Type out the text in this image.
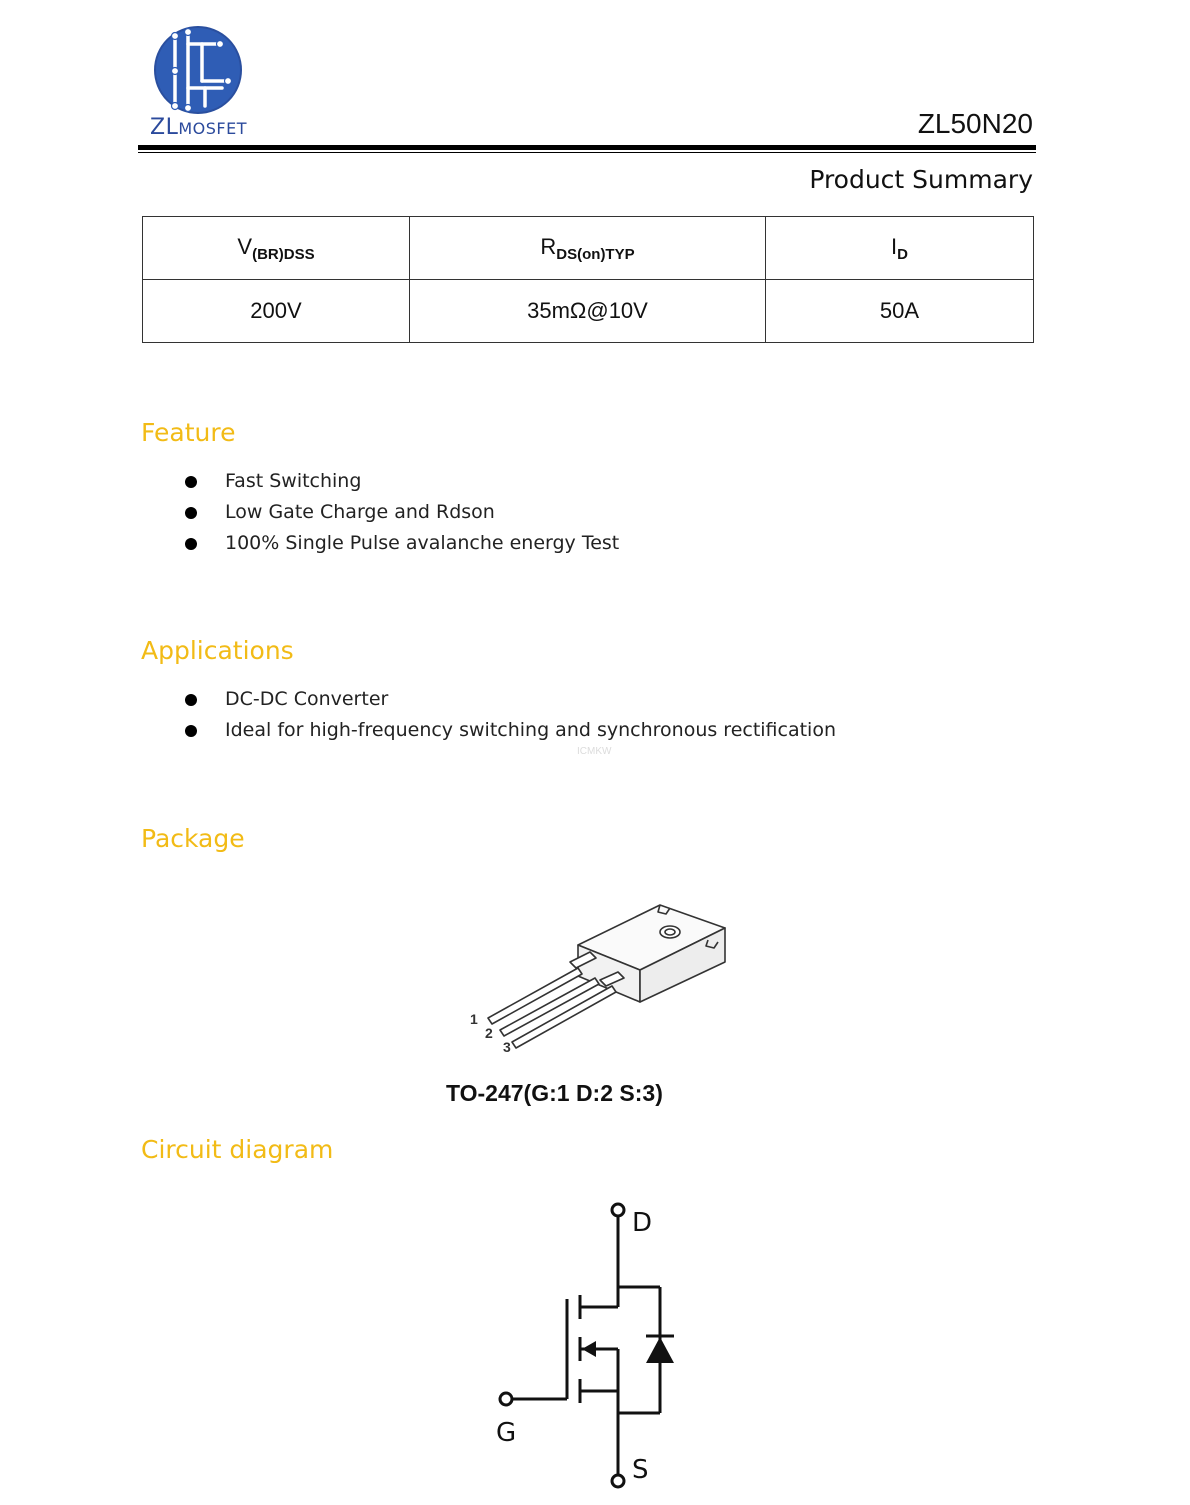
ZLMOSFET	ZL50N20
Product Summary
$V_{(BR)DSS}$	$R_{DS(on)TYP}$	$I_D$
200V	35mΩ@10V	50A
Feature
Fast Switching
Low Gate Charge and Rdson
100% Single Pulse avalanche energy Test
Applications
DC-DC Converter
Ideal for high-frequency switching and synchronous rectification
ICMKW
Package
1
2
3
TO-247(G:1 D:2 S:3)
Circuit diagram
D
G
S
